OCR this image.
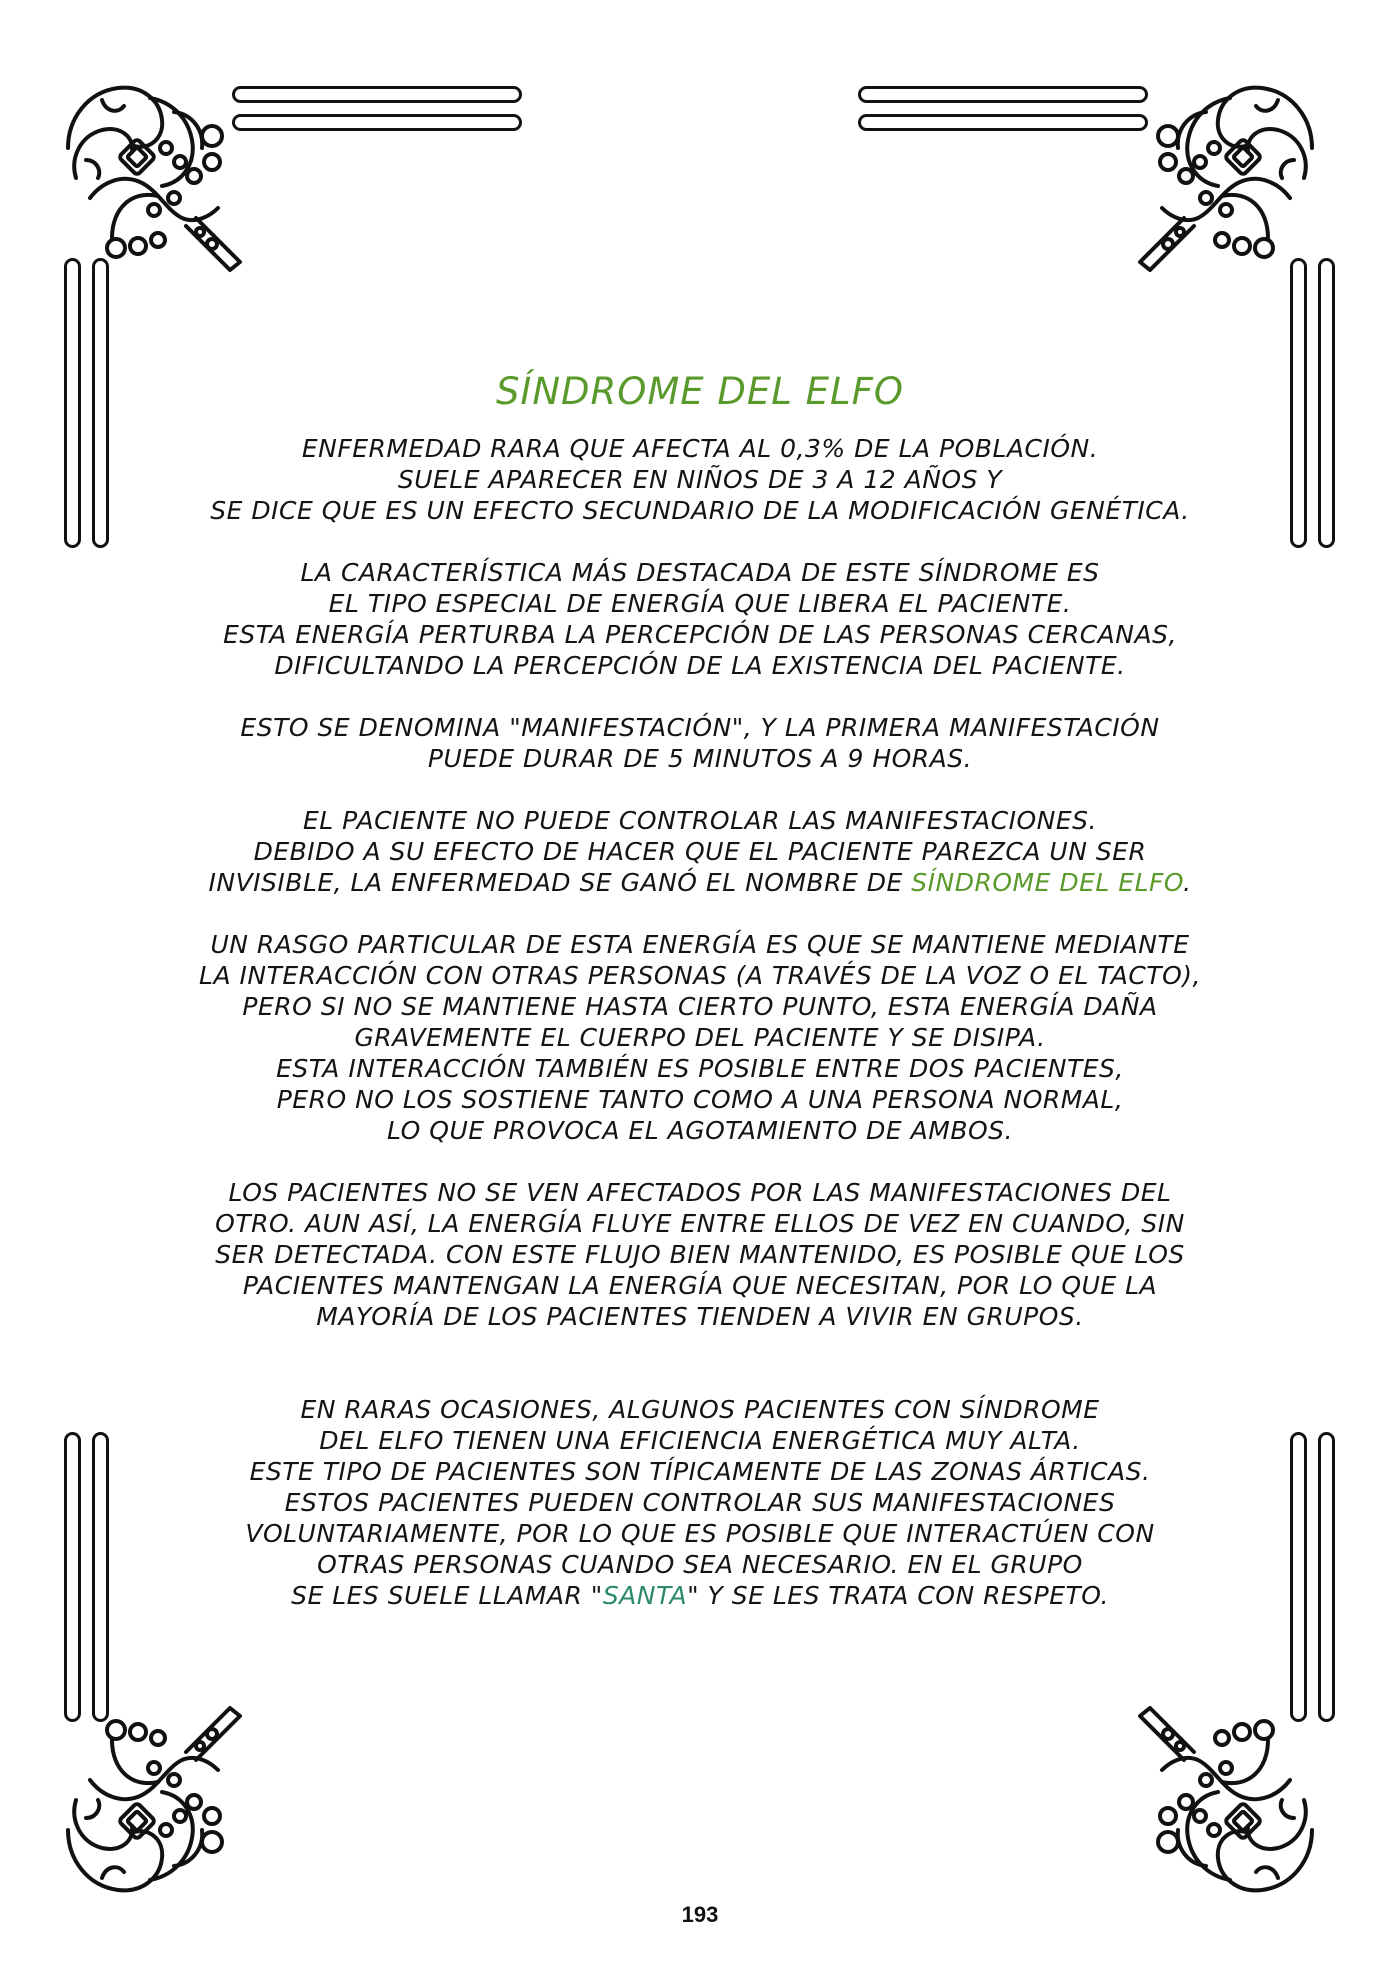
SÍNDROME DEL ELFO

ENFERMEDAD RARA QUE AFECTA AL 0,3% DE LA POBLACIÓN.
SUELE APARECER EN NIÑOS DE 3 A 12 AÑOS Y
SE DICE QUE ES UN EFECTO SECUNDARIO DE LA MODIFICACIÓN GENÉTICA.

LA CARACTERÍSTICA MÁS DESTACADA DE ESTE SÍNDROME ES
EL TIPO ESPECIAL DE ENERGÍA QUE LIBERA EL PACIENTE.
ESTA ENERGÍA PERTURBA LA PERCEPCIÓN DE LAS PERSONAS CERCANAS,
DIFICULTANDO LA PERCEPCIÓN DE LA EXISTENCIA DEL PACIENTE.

ESTO SE DENOMINA "MANIFESTACIÓN", Y LA PRIMERA MANIFESTACIÓN
PUEDE DURAR DE 5 MINUTOS A 9 HORAS.

EL PACIENTE NO PUEDE CONTROLAR LAS MANIFESTACIONES.
DEBIDO A SU EFECTO DE HACER QUE EL PACIENTE PAREZCA UN SER
INVISIBLE, LA ENFERMEDAD SE GANÓ EL NOMBRE DE SÍNDROME DEL ELFO.

UN RASGO PARTICULAR DE ESTA ENERGÍA ES QUE SE MANTIENE MEDIANTE
LA INTERACCIÓN CON OTRAS PERSONAS (A TRAVÉS DE LA VOZ O EL TACTO),
PERO SI NO SE MANTIENE HASTA CIERTO PUNTO, ESTA ENERGÍA DAÑA
GRAVEMENTE EL CUERPO DEL PACIENTE Y SE DISIPA.
ESTA INTERACCIÓN TAMBIÉN ES POSIBLE ENTRE DOS PACIENTES,
PERO NO LOS SOSTIENE TANTO COMO A UNA PERSONA NORMAL,
LO QUE PROVOCA EL AGOTAMIENTO DE AMBOS.

LOS PACIENTES NO SE VEN AFECTADOS POR LAS MANIFESTACIONES DEL
OTRO. AUN ASÍ, LA ENERGÍA FLUYE ENTRE ELLOS DE VEZ EN CUANDO, SIN
SER DETECTADA. CON ESTE FLUJO BIEN MANTENIDO, ES POSIBLE QUE LOS
PACIENTES MANTENGAN LA ENERGÍA QUE NECESITAN, POR LO QUE LA
MAYORÍA DE LOS PACIENTES TIENDEN A VIVIR EN GRUPOS.

EN RARAS OCASIONES, ALGUNOS PACIENTES CON SÍNDROME
DEL ELFO TIENEN UNA EFICIENCIA ENERGÉTICA MUY ALTA.
ESTE TIPO DE PACIENTES SON TÍPICAMENTE DE LAS ZONAS ÁRTICAS.
ESTOS PACIENTES PUEDEN CONTROLAR SUS MANIFESTACIONES
VOLUNTARIAMENTE, POR LO QUE ES POSIBLE QUE INTERACTÚEN CON
OTRAS PERSONAS CUANDO SEA NECESARIO. EN EL GRUPO
SE LES SUELE LLAMAR "SANTA" Y SE LES TRATA CON RESPETO.

193
